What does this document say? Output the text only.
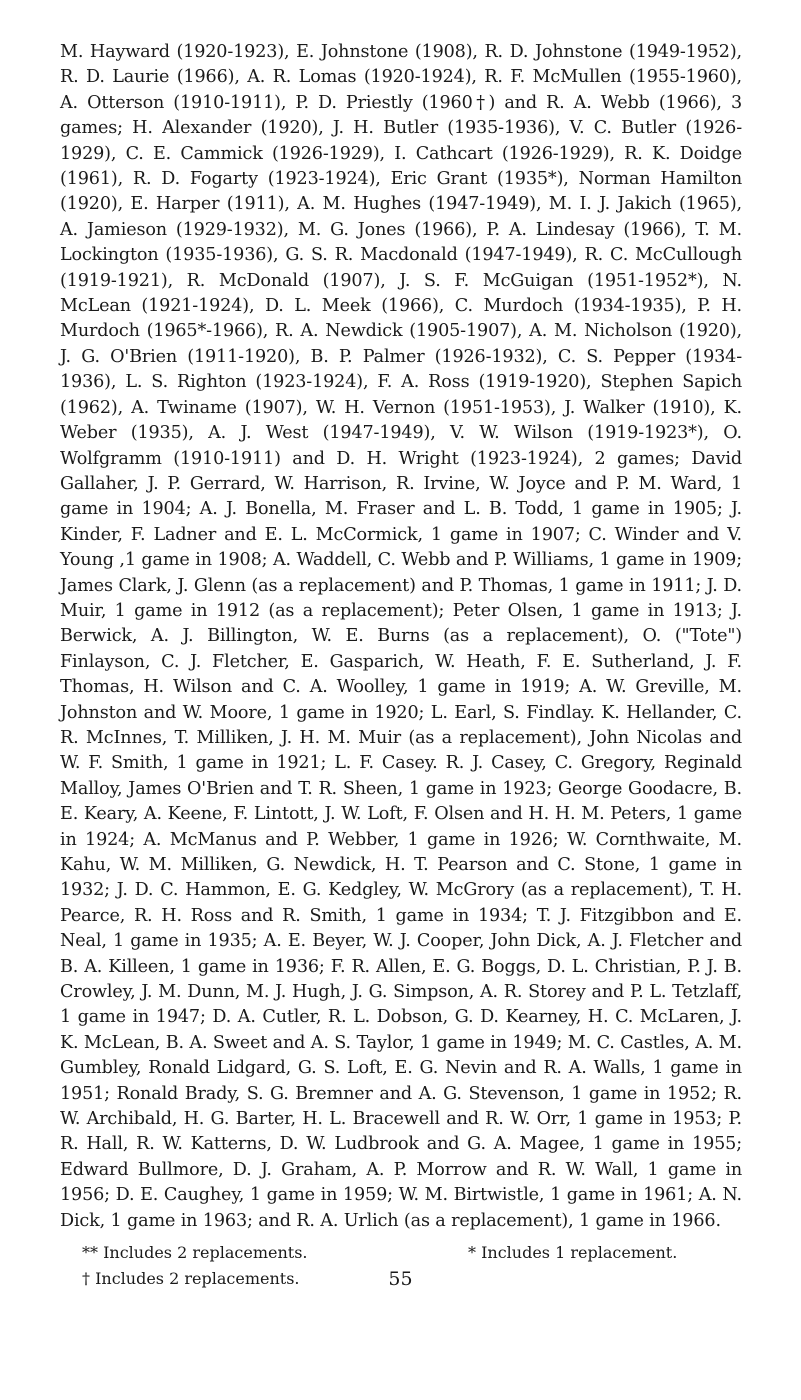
M. Hayward (1920-1923), E. Johnstone (1908), R. D. Johnstone (1949-1952), R. D. Laurie (1966), A. R. Lomas (1920-1924), R. F. McMullen (1955-1960), A. Otterson (1910-1911), P. D. Priestly (1960†) and R. A. Webb (1966), 3 games; H. Alexander (1920), J. H. Butler (1935-1936), V. C. Butler (1926-1929), C. E. Cammick (1926-1929), I. Cathcart (1926-1929), R. K. Doidge (1961), R. D. Fogarty (1923-1924), Eric Grant (1935*), Norman Hamilton (1920), E. Harper (1911), A. M. Hughes (1947-1949), M. I. J. Jakich (1965), A. Jamieson (1929-1932), M. G. Jones (1966), P. A. Lindesay (1966), T. M. Lockington (1935-1936), G. S. R. Macdonald (1947-1949), R. C. McCullough (1919-1921), R. McDonald (1907), J. S. F. McGuigan (1951-1952*), N. McLean (1921-1924), D. L. Meek (1966), C. Murdoch (1934-1935), P. H. Murdoch (1965*-1966), R. A. Newdick (1905-1907), A. M. Nicholson (1920), J. G. O'Brien (1911-1920), B. P. Palmer (1926-1932), C. S. Pepper (1934-1936), L. S. Righton (1923-1924), F. A. Ross (1919-1920), Stephen Sapich (1962), A. Twiname (1907), W. H. Vernon (1951-1953), J. Walker (1910), K. Weber (1935), A. J. West (1947-1949), V. W. Wilson (1919-1923*), O. Wolfgramm (1910-1911) and D. H. Wright (1923-1924), 2 games; David Gallaher, J. P. Gerrard, W. Harrison, R. Irvine, W. Joyce and P. M. Ward, 1 game in 1904; A. J. Bonella, M. Fraser and L. B. Todd, 1 game in 1905; J. Kinder, F. Ladner and E. L. McCormick, 1 game in 1907; C. Winder and V. Young ,1 game in 1908; A. Waddell, C. Webb and P. Williams, 1 game in 1909; James Clark, J. Glenn (as a replacement) and P. Thomas, 1 game in 1911; J. D. Muir, 1 game in 1912 (as a replacement); Peter Olsen, 1 game in 1913; J. Berwick, A. J. Billington, W. E. Burns (as a replacement), O. ("Tote") Finlayson, C. J. Fletcher, E. Gasparich, W. Heath, F. E. Sutherland, J. F. Thomas, H. Wilson and C. A. Woolley, 1 game in 1919; A. W. Greville, M. Johnston and W. Moore, 1 game in 1920; L. Earl, S. Findlay. K. Hellander, C. R. McInnes, T. Milliken, J. H. M. Muir (as a replacement), John Nicolas and W. F. Smith, 1 game in 1921; L. F. Casey. R. J. Casey, C. Gregory, Reginald Malloy, James O'Brien and T. R. Sheen, 1 game in 1923; George Goodacre, B. E. Keary, A. Keene, F. Lintott, J. W. Loft, F. Olsen and H. H. M. Peters, 1 game in 1924; A. McManus and P. Webber, 1 game in 1926; W. Cornthwaite, M. Kahu, W. M. Milliken, G. Newdick, H. T. Pearson and C. Stone, 1 game in 1932; J. D. C. Hammon, E. G. Kedgley, W. McGrory (as a replacement), T. H. Pearce, R. H. Ross and R. Smith, 1 game in 1934; T. J. Fitzgibbon and E. Neal, 1 game in 1935; A. E. Beyer, W. J. Cooper, John Dick, A. J. Fletcher and B. A. Killeen, 1 game in 1936; F. R. Allen, E. G. Boggs, D. L. Christian, P. J. B. Crowley, J. M. Dunn, M. J. Hugh, J. G. Simpson, A. R. Storey and P. L. Tetzlaff, 1 game in 1947; D. A. Cutler, R. L. Dobson, G. D. Kearney, H. C. McLaren, J. K. McLean, B. A. Sweet and A. S. Taylor, 1 game in 1949; M. C. Castles, A. M. Gumbley, Ronald Lidgard, G. S. Loft, E. G. Nevin and R. A. Walls, 1 game in 1951; Ronald Brady, S. G. Bremner and A. G. Stevenson, 1 game in 1952; R. W. Archibald, H. G. Barter, H. L. Bracewell and R. W. Orr, 1 game in 1953; P. R. Hall, R. W. Katterns, D. W. Ludbrook and G. A. Magee, 1 game in 1955; Edward Bullmore, D. J. Graham, A. P. Morrow and R. W. Wall, 1 game in 1956; D. E. Caughey, 1 game in 1959; W. M. Birtwistle, 1 game in 1961; A. N. Dick, 1 game in 1963; and R. A. Urlich (as a replacement), 1 game in 1966.

** Includes 2 replacements.	* Includes 1 replacement.
† Includes 2 replacements.	55
